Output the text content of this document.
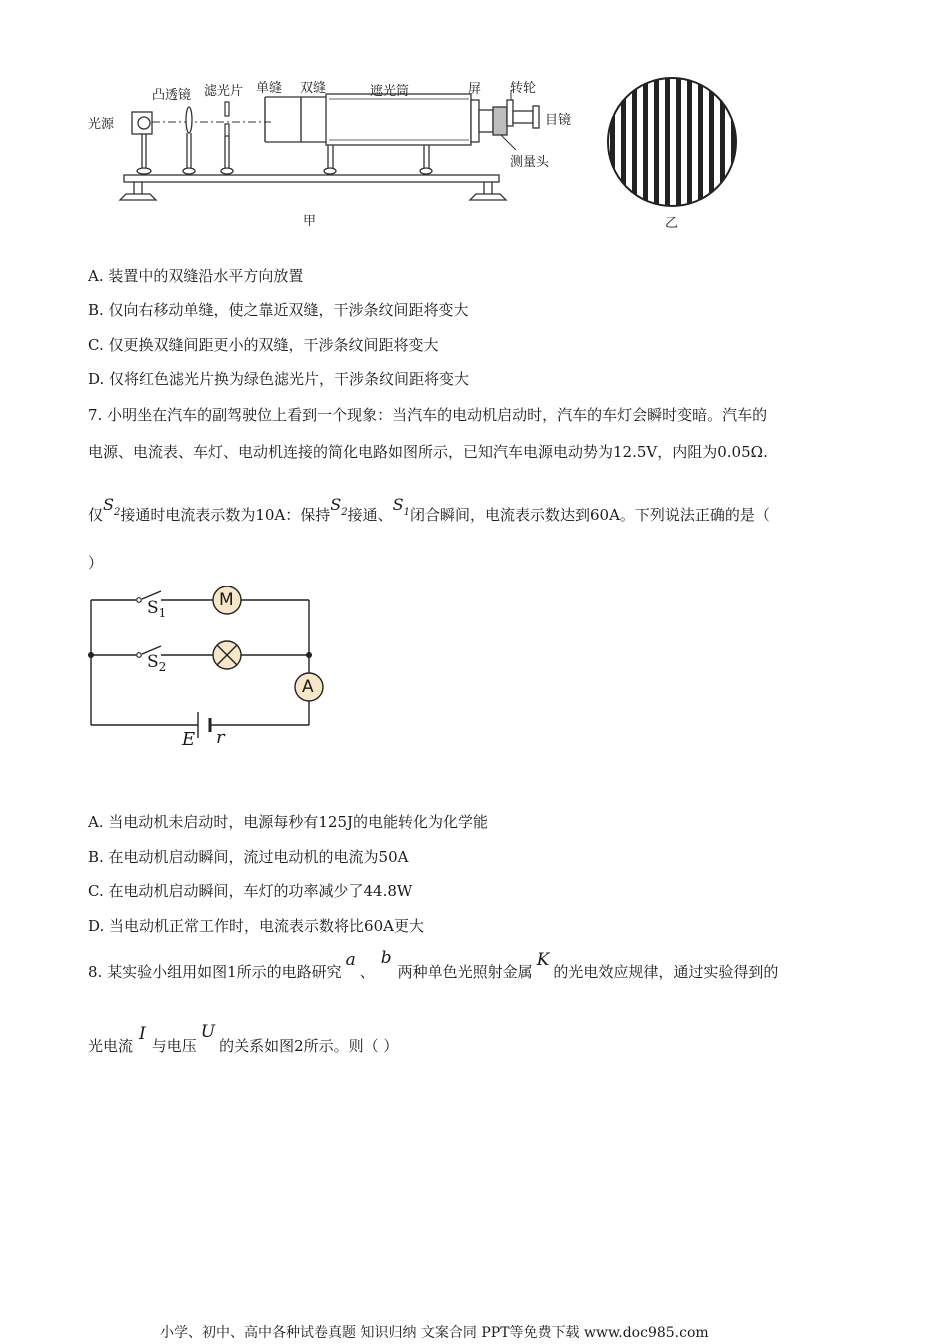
光源
凸透镜 滤光片 单缝 双缝	遮光筒	屏 转轮
目镜
测量头
甲	乙
A. 装置中的双缝沿水平方向放置
B. 仅向右移动单缝，使之靠近双缝，干涉条纹间距将变大
C. 仅更换双缝间距更小的双缝，干涉条纹间距将变大
D. 仅将红色滤光片换为绿色滤光片，干涉条纹间距将变大
7. 小明坐在汽车的副驾驶位上看到一个现象：当汽车的电动机启动时，汽车的车灯会瞬时变暗。汽车的
电源、电流表、车灯、电动机连接的简化电路如图所示，已知汽车电源电动势为12.5V，内阻为0.05Ω.
仅$S_2$接通时电流表示数为10A：保持$S_2$接通、$S_1$闭合瞬间，电流表示数达到60A。下列说法正确的是（
）
$S_1$
$S_2$
M
A
E r
A. 当电动机未启动时，电源每秒有125J的电能转化为化学能
B. 在电动机启动瞬间，流过电动机的电流为50A
C. 在电动机启动瞬间，车灯的功率减少了44.8W
D. 当电动机正常工作时，电流表示数将比60A更大
8. 某实验小组用如图1所示的电路研究a、b两种单色光照射金属K的光电效应规律，通过实验得到的
光电流I与电压U的关系如图2所示。则（ ）
小学、初中、高中各种试卷真题 知识归纳 文案合同 PPT等免费下载 www.doc985.com
